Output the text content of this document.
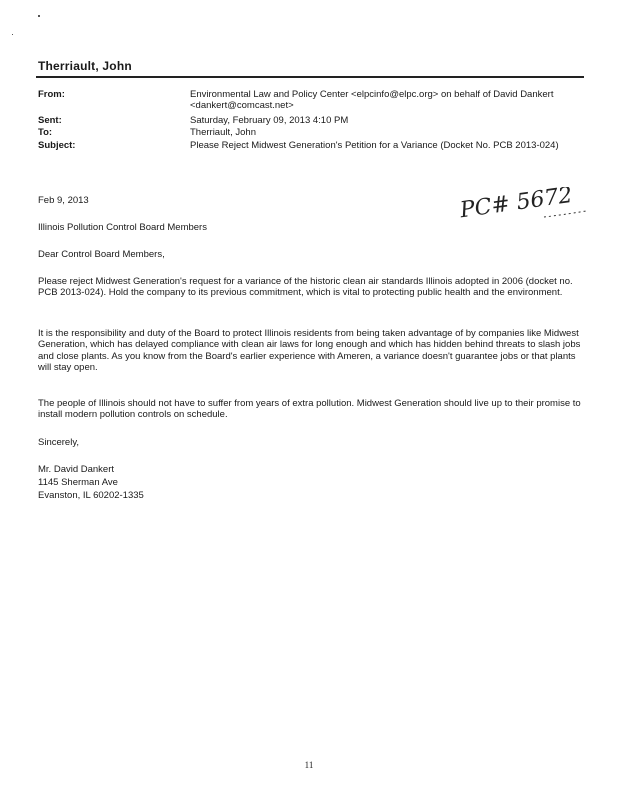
Therriault, John
From:	Environmental Law and Policy Center <elpcinfo@elpc.org> on behalf of David Dankert <dankert@comcast.net>
Sent:	Saturday, February 09, 2013 4:10 PM
To:	Therriault, John
Subject:	Please Reject Midwest Generation's Petition for a Variance (Docket No. PCB 2013-024)
Feb 9, 2013	PC# 5672
Illinois Pollution Control Board Members
Dear Control Board Members,
Please reject Midwest Generation's request for a variance of the historic clean air standards Illinois adopted in 2006 (docket no. PCB 2013-024). Hold the company to its previous commitment, which is vital to protecting public health and the environment.
It is the responsibility and duty of the Board to protect Illinois residents from being taken advantage of by companies like Midwest Generation, which has delayed compliance with clean air laws for long enough and which has hidden behind threats to slash jobs and close plants. As you know from the Board's earlier experience with Ameren, a variance doesn't guarantee jobs or that plants will stay open.
The people of Illinois should not have to suffer from years of extra pollution. Midwest Generation should live up to their promise to install modern pollution controls on schedule.
Sincerely,
Mr. David Dankert
1145 Sherman Ave
Evanston, IL 60202-1335
11
